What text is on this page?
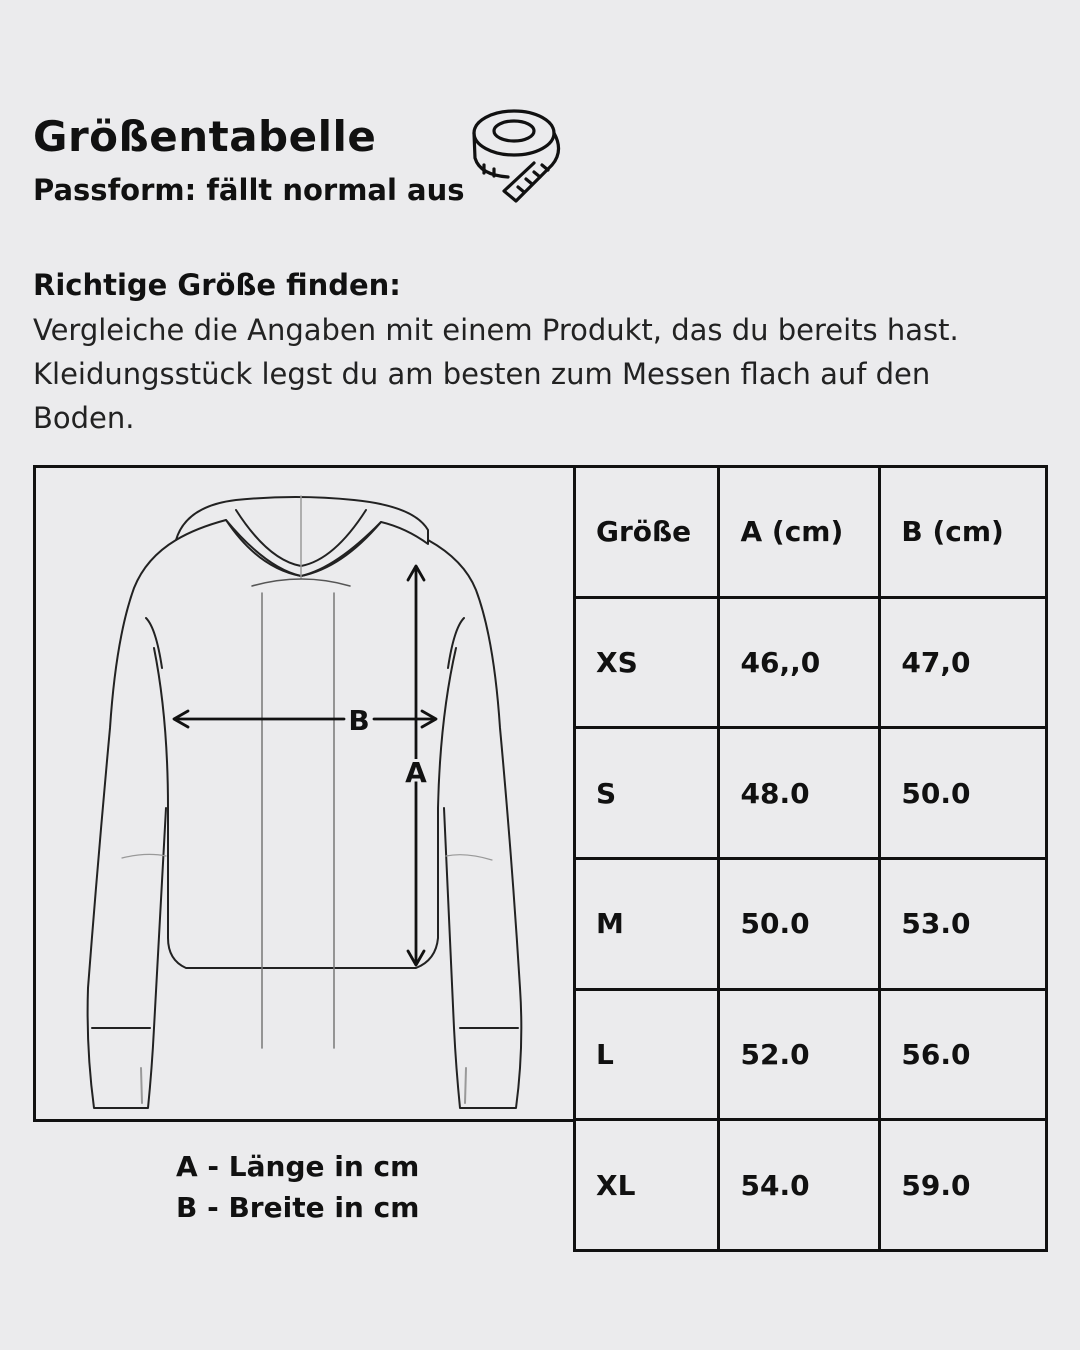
Größentabelle
Passform: fällt normal aus
Richtige Größe finden:
Vergleiche die Angaben mit einem Produkt, das du bereits hast. Kleidungsstück legst du am besten zum Messen flach auf den Boden.
B
A
A - Länge in cm
B - Breite in cm
Größe	A (cm)	B (cm)
XS	46,,0	47,0
S	48.0	50.0
M	50.0	53.0
L	52.0	56.0
XL	54.0	59.0
